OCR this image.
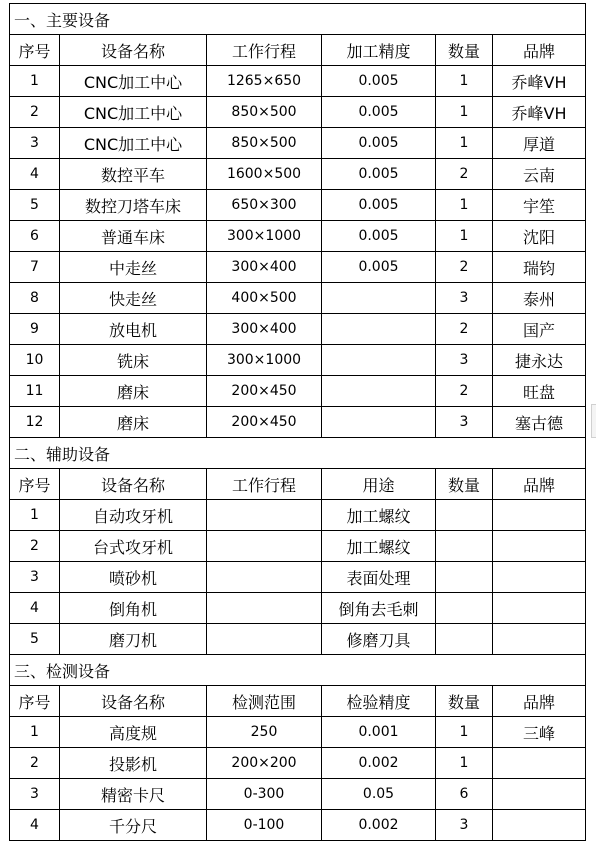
一、主要设备					
序号	设备名称	工作行程	加工精度	数量	品牌
1	CNC加工中心	1265×650	0.005	1	乔峰VH
2	CNC加工中心	850×500	0.005	1	乔峰VH
3	CNC加工中心	850×500	0.005	1	厚道
4	数控平车	1600×500	0.005	2	云南
5	数控刀塔车床	650×300	0.005	1	宇笙
6	普通车床	300×1000	0.005	1	沈阳
7	中走丝	300×400	0.005	2	瑞钧
8	快走丝	400×500		3	泰州
9	放电机	300×400		2	国产
10	铣床	300×1000		3	捷永达
11	磨床	200×450		2	旺盘
12	磨床	200×450		3	塞古德
二、辅助设备					
序号	设备名称	工作行程	用途	数量	品牌
1	自动攻牙机		加工螺纹		
2	台式攻牙机		加工螺纹		
3	喷砂机		表面处理		
4	倒角机		倒角去毛刺		
5	磨刀机		修磨刀具		
三、检测设备					
序号	设备名称	检测范围	检验精度	数量	品牌
1	高度规	250	0.001	1	三峰
2	投影机	200×200	0.002	1	
3	精密卡尺	0-300	0.05	6	
4	千分尺	0-100	0.002	3	
